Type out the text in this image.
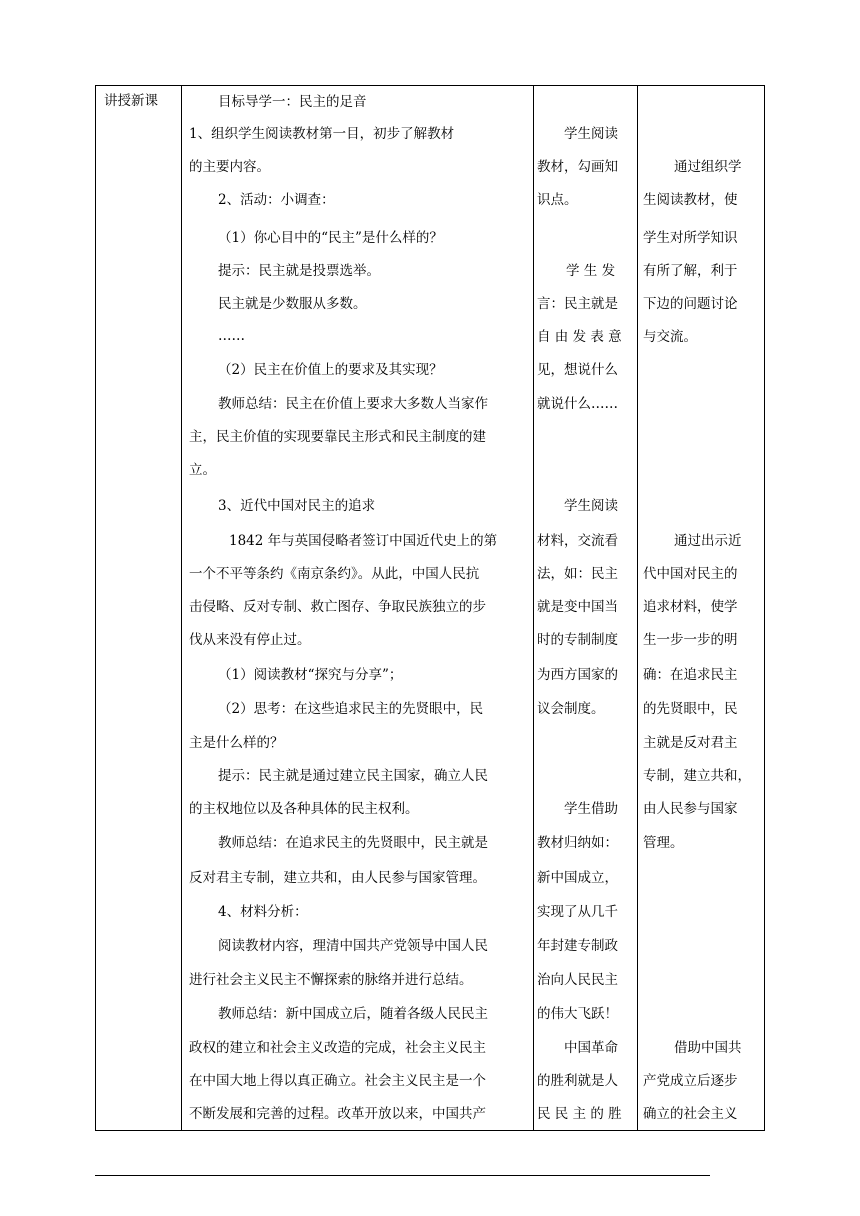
讲授新课	目标导学一：民主的足音
1、组织学生阅读教材第一目，初步了解教材
的主要内容。
2、活动：小调查：
（1）你心目中的“民主”是什么样的？
提示：民主就是投票选举。
民主就是少数服从多数。
……
（2）民主在价值上的要求及其实现？
教师总结：民主在价值上要求大多数人当家作
主，民主价值的实现要靠民主形式和民主制度的建
立。
3、近代中国对民主的追求
1842 年与英国侵略者签订中国近代史上的第
一个不平等条约《南京条约》。从此，中国人民抗
击侵略、反对专制、救亡图存、争取民族独立的步
伐从来没有停止过。
（1）阅读教材“探究与分享”；
（2）思考：在这些追求民主的先贤眼中，民
主是什么样的？
提示：民主就是通过建立民主国家，确立人民
的主权地位以及各种具体的民主权利。
教师总结：在追求民主的先贤眼中，民主就是
反对君主专制，建立共和，由人民参与国家管理。
4、材料分析：
阅读教材内容，理清中国共产党领导中国人民
进行社会主义民主不懈探索的脉络并进行总结。
教师总结：新中国成立后，随着各级人民民主
政权的建立和社会主义改造的完成，社会主义民主
在中国大地上得以真正确立。社会主义民主是一个
不断发展和完善的过程。改革开放以来，中国共产
学生阅读
教材，勾画知
识点。
学 生 发
言：民主就是
自 由 发 表 意
见，想说什么
就说什么……
学生阅读
材料，交流看
法，如：民主
就是变中国当
时的专制制度
为西方国家的
议会制度。
学生借助
教材归纳如：
新中国成立，
实现了从几千
年封建专制政
治向人民民主
的伟大飞跃！
中国革命
的胜利就是人
民 民 主 的 胜
通过组织学
生阅读教材，使
学生对所学知识
有所了解，利于
下边的问题讨论
与交流。
通过出示近
代中国对民主的
追求材料，使学
生一步一步的明
确：在追求民主
的先贤眼中，民
主就是反对君主
专制，建立共和，
由人民参与国家
管理。
借助中国共
产党成立后逐步
确立的社会主义
